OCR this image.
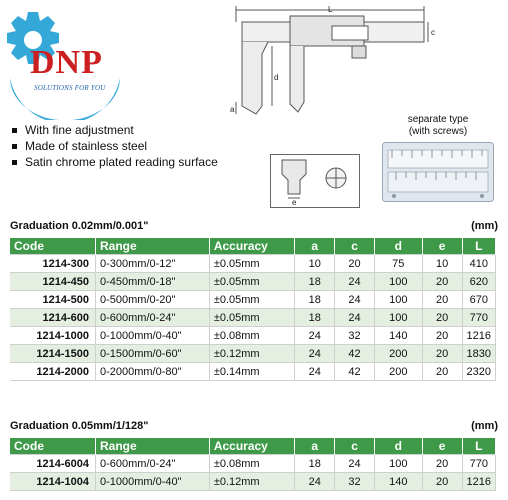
DNP
SOLUTIONS FOR YOU
L
c
d
a
With fine adjustment
Made of stainless steel
Satin chrome plated reading surface
e
separate type
(with screws)
Graduation 0.02mm/0.001"	(mm)
Code	Range	Accuracy	a	c	d	e	L
1214-300	0-300mm/0-12"	±0.05mm	10	20	75	10	410
1214-450	0-450mm/0-18"	±0.05mm	18	24	100	20	620
1214-500	0-500mm/0-20"	±0.05mm	18	24	100	20	670
1214-600	0-600mm/0-24"	±0.05mm	18	24	100	20	770
1214-1000	0-1000mm/0-40"	±0.08mm	24	32	140	20	1216
1214-1500	0-1500mm/0-60"	±0.12mm	24	42	200	20	1830
1214-2000	0-2000mm/0-80"	±0.14mm	24	42	200	20	2320
Graduation 0.05mm/1/128"	(mm)
Code	Range	Accuracy	a	c	d	e	L
1214-6004	0-600mm/0-24"	±0.08mm	18	24	100	20	770
1214-1004	0-1000mm/0-40"	±0.12mm	24	32	140	20	1216
